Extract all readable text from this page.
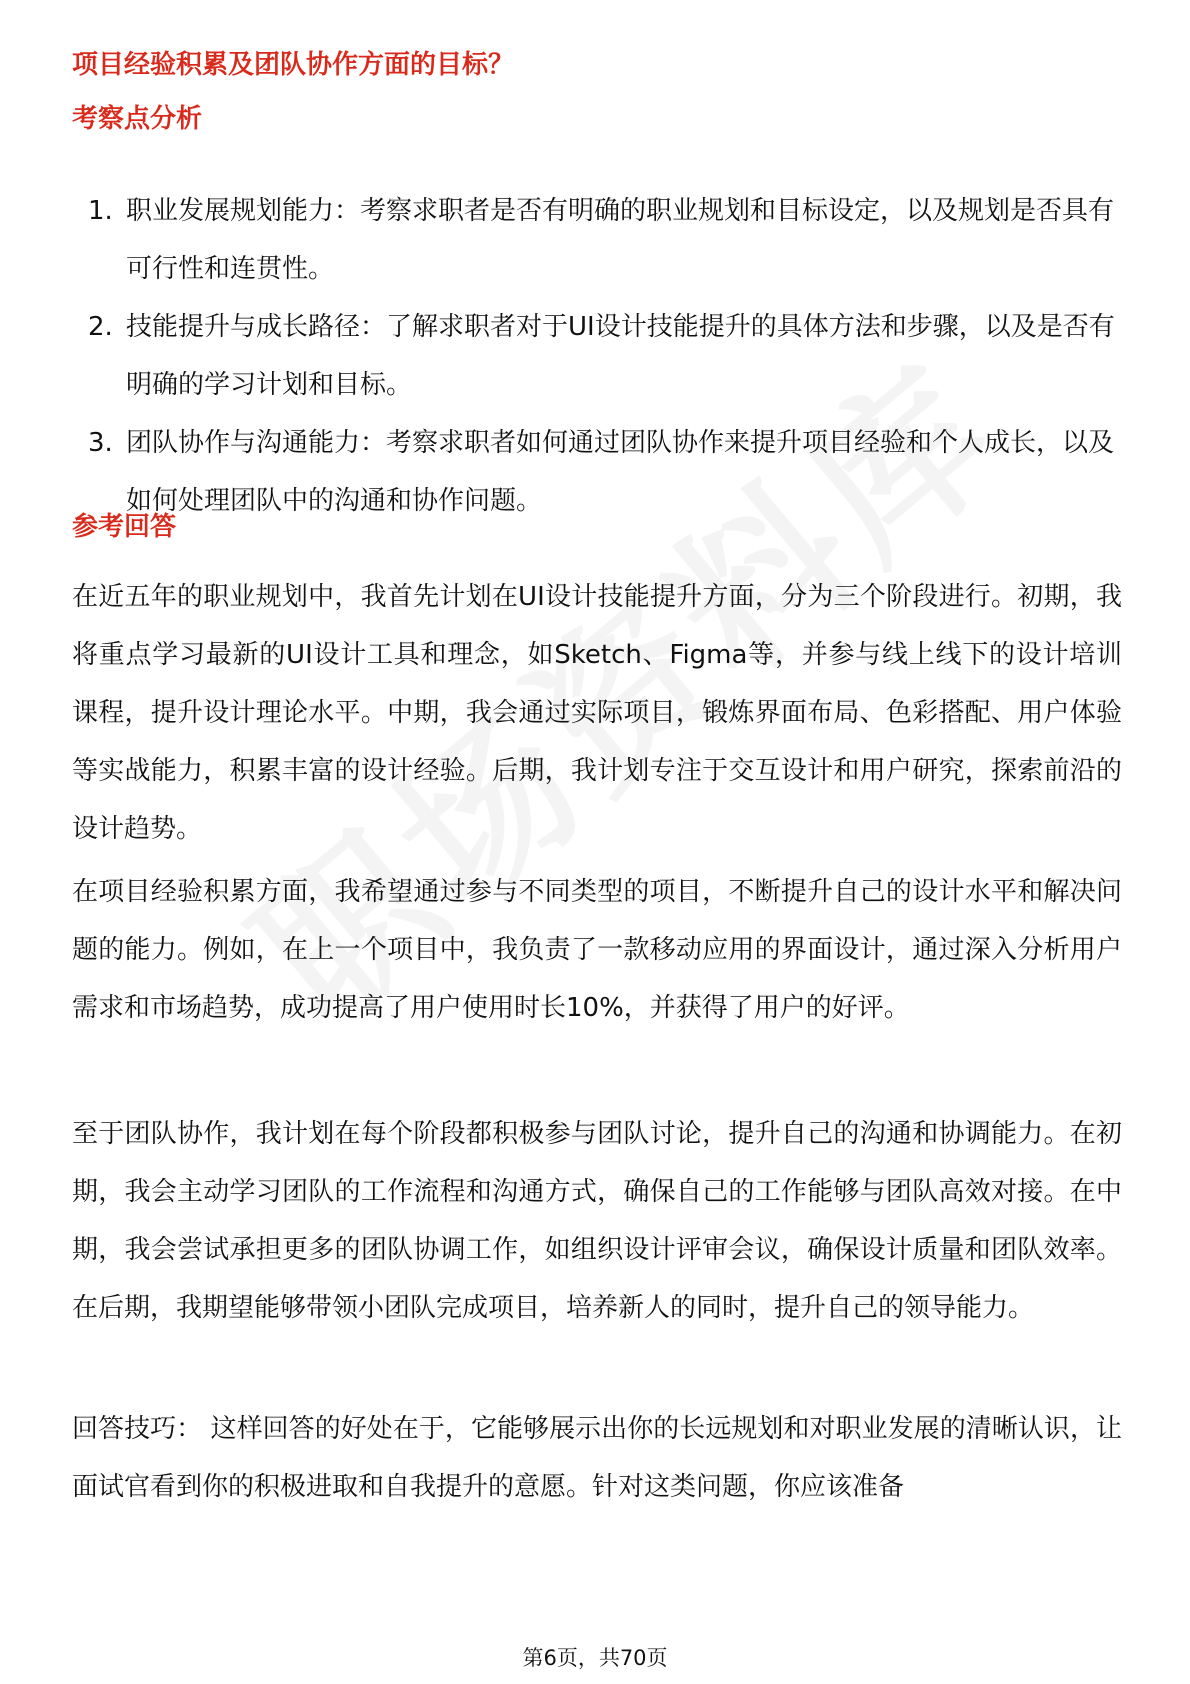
项目经验积累及团队协作方面的目标？
考察点分析
1. 职业发展规划能力：考察求职者是否有明确的职业规划和目标设定，以及规划是否具有可行性和连贯性。
2. 技能提升与成长路径：了解求职者对于UI设计技能提升的具体方法和步骤，以及是否有明确的学习计划和目标。
3. 团队协作与沟通能力：考察求职者如何通过团队协作来提升项目经验和个人成长，以及如何处理团队中的沟通和协作问题。
参考回答

在近五年的职业规划中，我首先计划在UI设计技能提升方面，分为三个阶段进行。初期，我将重点学习最新的UI设计工具和理念，如Sketch、Figma等，并参与线上线下的设计培训课程，提升设计理论水平。中期，我会通过实际项目，锻炼界面布局、色彩搭配、用户体验等实战能力，积累丰富的设计经验。后期，我计划专注于交互设计和用户研究，探索前沿的设计趋势。

在项目经验积累方面，我希望通过参与不同类型的项目，不断提升自己的设计水平和解决问题的能力。例如，在上一个项目中，我负责了一款移动应用的界面设计，通过深入分析用户需求和市场趋势，成功提高了用户使用时长10%，并获得了用户的好评。

至于团队协作，我计划在每个阶段都积极参与团队讨论，提升自己的沟通和协调能力。在初期，我会主动学习团队的工作流程和沟通方式，确保自己的工作能够与团队高效对接。在中期，我会尝试承担更多的团队协调工作，如组织设计评审会议，确保设计质量和团队效率。在后期，我期望能够带领小团队完成项目，培养新人的同时，提升自己的领导能力。

回答技巧： 这样回答的好处在于，它能够展示出你的长远规划和对职业发展的清晰认识，让面试官看到你的积极进取和自我提升的意愿。针对这类问题，你应该准备

第6页，共70页
